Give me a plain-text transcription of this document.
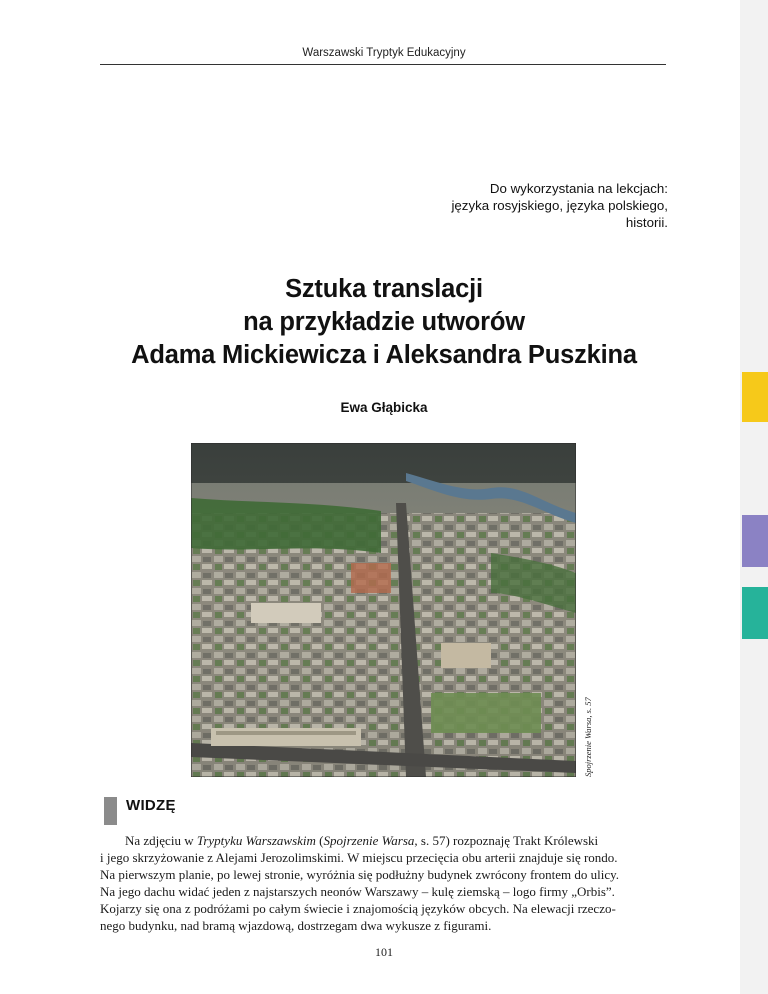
Warszawski Tryptyk Edukacyjny
Do wykorzystania na lekcjach:
języka rosyjskiego, języka polskiego,
historii.
Sztuka translacji
na przykładzie utworów
Adama Mickiewicza i Aleksandra Puszkina
Ewa Głąbicka
Spojrzenie Warsa, s. 57
WIDZĘ
Na zdjęciu w Tryptyku Warszawskim (Spojrzenie Warsa, s. 57) rozpoznaję Trakt Królewski
i jego skrzyżowanie z Alejami Jerozolimskimi. W miejscu przecięcia obu arterii znajduje się rondo.
Na pierwszym planie, po lewej stronie, wyróżnia się podłużny budynek zwrócony frontem do ulicy.
Na jego dachu widać jeden z najstarszych neonów Warszawy – kulę ziemską – logo firmy „Orbis”.
Kojarzy się ona z podróżami po całym świecie i znajomością języków obcych. Na elewacji rzeczo-
nego budynku, nad bramą wjazdową, dostrzegam dwa wykusze z figurami.
101
